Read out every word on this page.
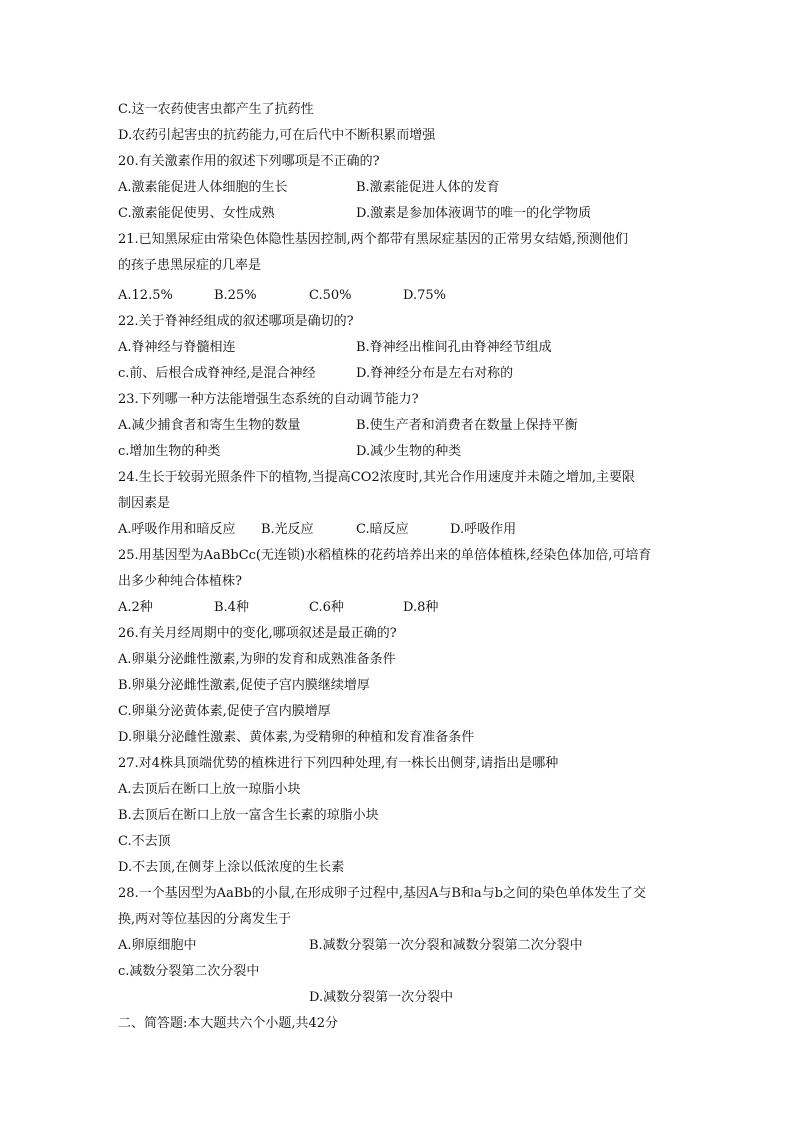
C.这一农药使害虫都产生了抗药性
D.农药引起害虫的抗药能力,可在后代中不断积累而增强
20.有关激素作用的叙述下列哪项是不正确的?
A.激素能促进人体细胞的生长	B.激素能促进人体的发育
C.激素能促使男、女性成熟	D.激素是参加体液调节的唯一的化学物质
21.已知黑尿症由常染色体隐性基因控制,两个都带有黑尿症基因的正常男女结婚,预测他们
的孩子患黑尿症的几率是
A.12.5%	B.25%	C.50%	D.75%
22.关于脊神经组成的叙述哪项是确切的?
A.脊神经与脊髓相连	B.脊神经出椎间孔由脊神经节组成
c.前、后根合成脊神经,是混合神经	D.脊神经分布是左右对称的
23.下列哪一种方法能增强生态系统的自动调节能力?
A.减少捕食者和寄生生物的数量	B.使生产者和消费者在数量上保持平衡
c.增加生物的种类	D.减少生物的种类
24.生长于较弱光照条件下的植物,当提高CO2浓度时,其光合作用速度并未随之增加,主要限
制因素是
A.呼吸作用和暗反应 B.光反应	C.暗反应	D.呼吸作用
25.用基因型为AaBbCc(无连锁)水稻植株的花药培养出来的单倍体植株,经染色体加倍,可培育
出多少种纯合体植株?
A.2种	B.4种	C.6种	D.8种
26.有关月经周期中的变化,哪项叙述是最正确的?
A.卵巢分泌雌性激素,为卵的发育和成熟准备条件
B.卵巢分泌雌性激素,促使子宫内膜继续增厚
C.卵巢分泌黄体素,促使子宫内膜增厚
D.卵巢分泌雌性激素、黄体素,为受精卵的种植和发育准备条件
27.对4株具顶端优势的植株进行下列四种处理,有一株长出侧芽,请指出是哪种
A.去顶后在断口上放一琼脂小块
B.去顶后在断口上放一富含生长素的琼脂小块
C.不去顶
D.不去顶,在侧芽上涂以低浓度的生长素
28.一个基因型为AaBb的小鼠,在形成卵子过程中,基因A与B和a与b之间的染色单体发生了交
换,两对等位基因的分离发生于
A.卵原细胞中	B.减数分裂第一次分裂和减数分裂第二次分裂中
c.减数分裂第二次分裂中
D.减数分裂第一次分裂中
二、简答题:本大题共六个小题,共42分
